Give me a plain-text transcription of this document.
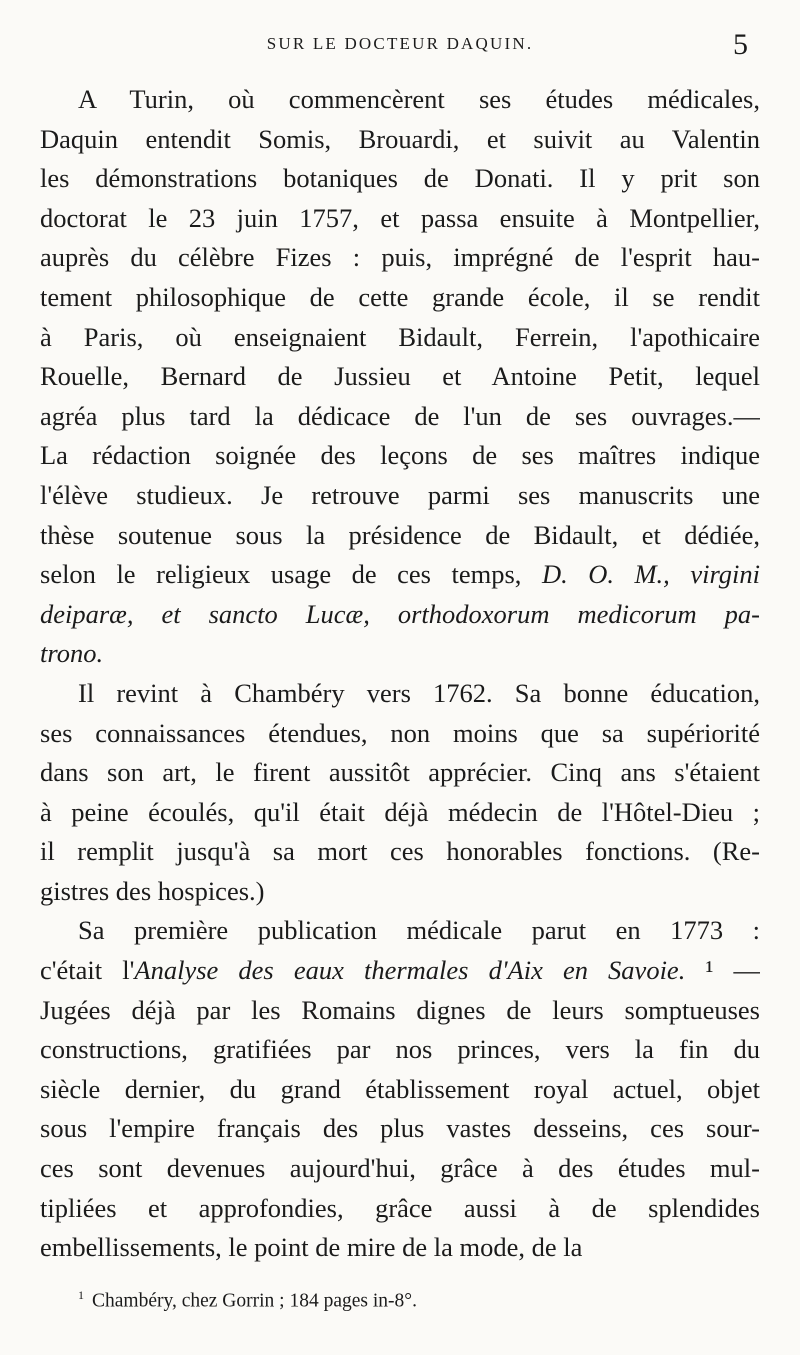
SUR LE DOCTEUR DAQUIN.	5

A Turin, où commencèrent ses études médicales,
Daquin entendit Somis, Brouardi, et suivit au Valentin
les démonstrations botaniques de Donati. Il y prit son
doctorat le 23 juin 1757, et passa ensuite à Montpellier,
auprès du célèbre Fizes : puis, imprégné de l'esprit hau-
tement philosophique de cette grande école, il se rendit
à Paris, où enseignaient Bidault, Ferrein, l'apothicaire
Rouelle, Bernard de Jussieu et Antoine Petit, lequel
agréa plus tard la dédicace de l'un de ses ouvrages.—
La rédaction soignée des leçons de ses maîtres indique
l'élève studieux. Je retrouve parmi ses manuscrits une
thèse soutenue sous la présidence de Bidault, et dédiée,
selon le religieux usage de ces temps, D. O. M., virgini
deiparæ, et sancto Lucæ, orthodoxorum medicorum pa-
trono.

Il revint à Chambéry vers 1762. Sa bonne éducation,
ses connaissances étendues, non moins que sa supériorité
dans son art, le firent aussitôt apprécier. Cinq ans s'étaient
à peine écoulés, qu'il était déjà médecin de l'Hôtel-Dieu ;
il remplit jusqu'à sa mort ces honorables fonctions. (Re-
gistres des hospices.)

Sa première publication médicale parut en 1773 :
c'était l'Analyse des eaux thermales d'Aix en Savoie. ¹ —
Jugées déjà par les Romains dignes de leurs somptueuses
constructions, gratifiées par nos princes, vers la fin du
siècle dernier, du grand établissement royal actuel, objet
sous l'empire français des plus vastes desseins, ces sour-
ces sont devenues aujourd'hui, grâce à des études mul-
tipliées et approfondies, grâce aussi à de splendides
embellissements, le point de mire de la mode, de la

$^1$ Chambéry, chez Gorrin ; 184 pages in-8°.
